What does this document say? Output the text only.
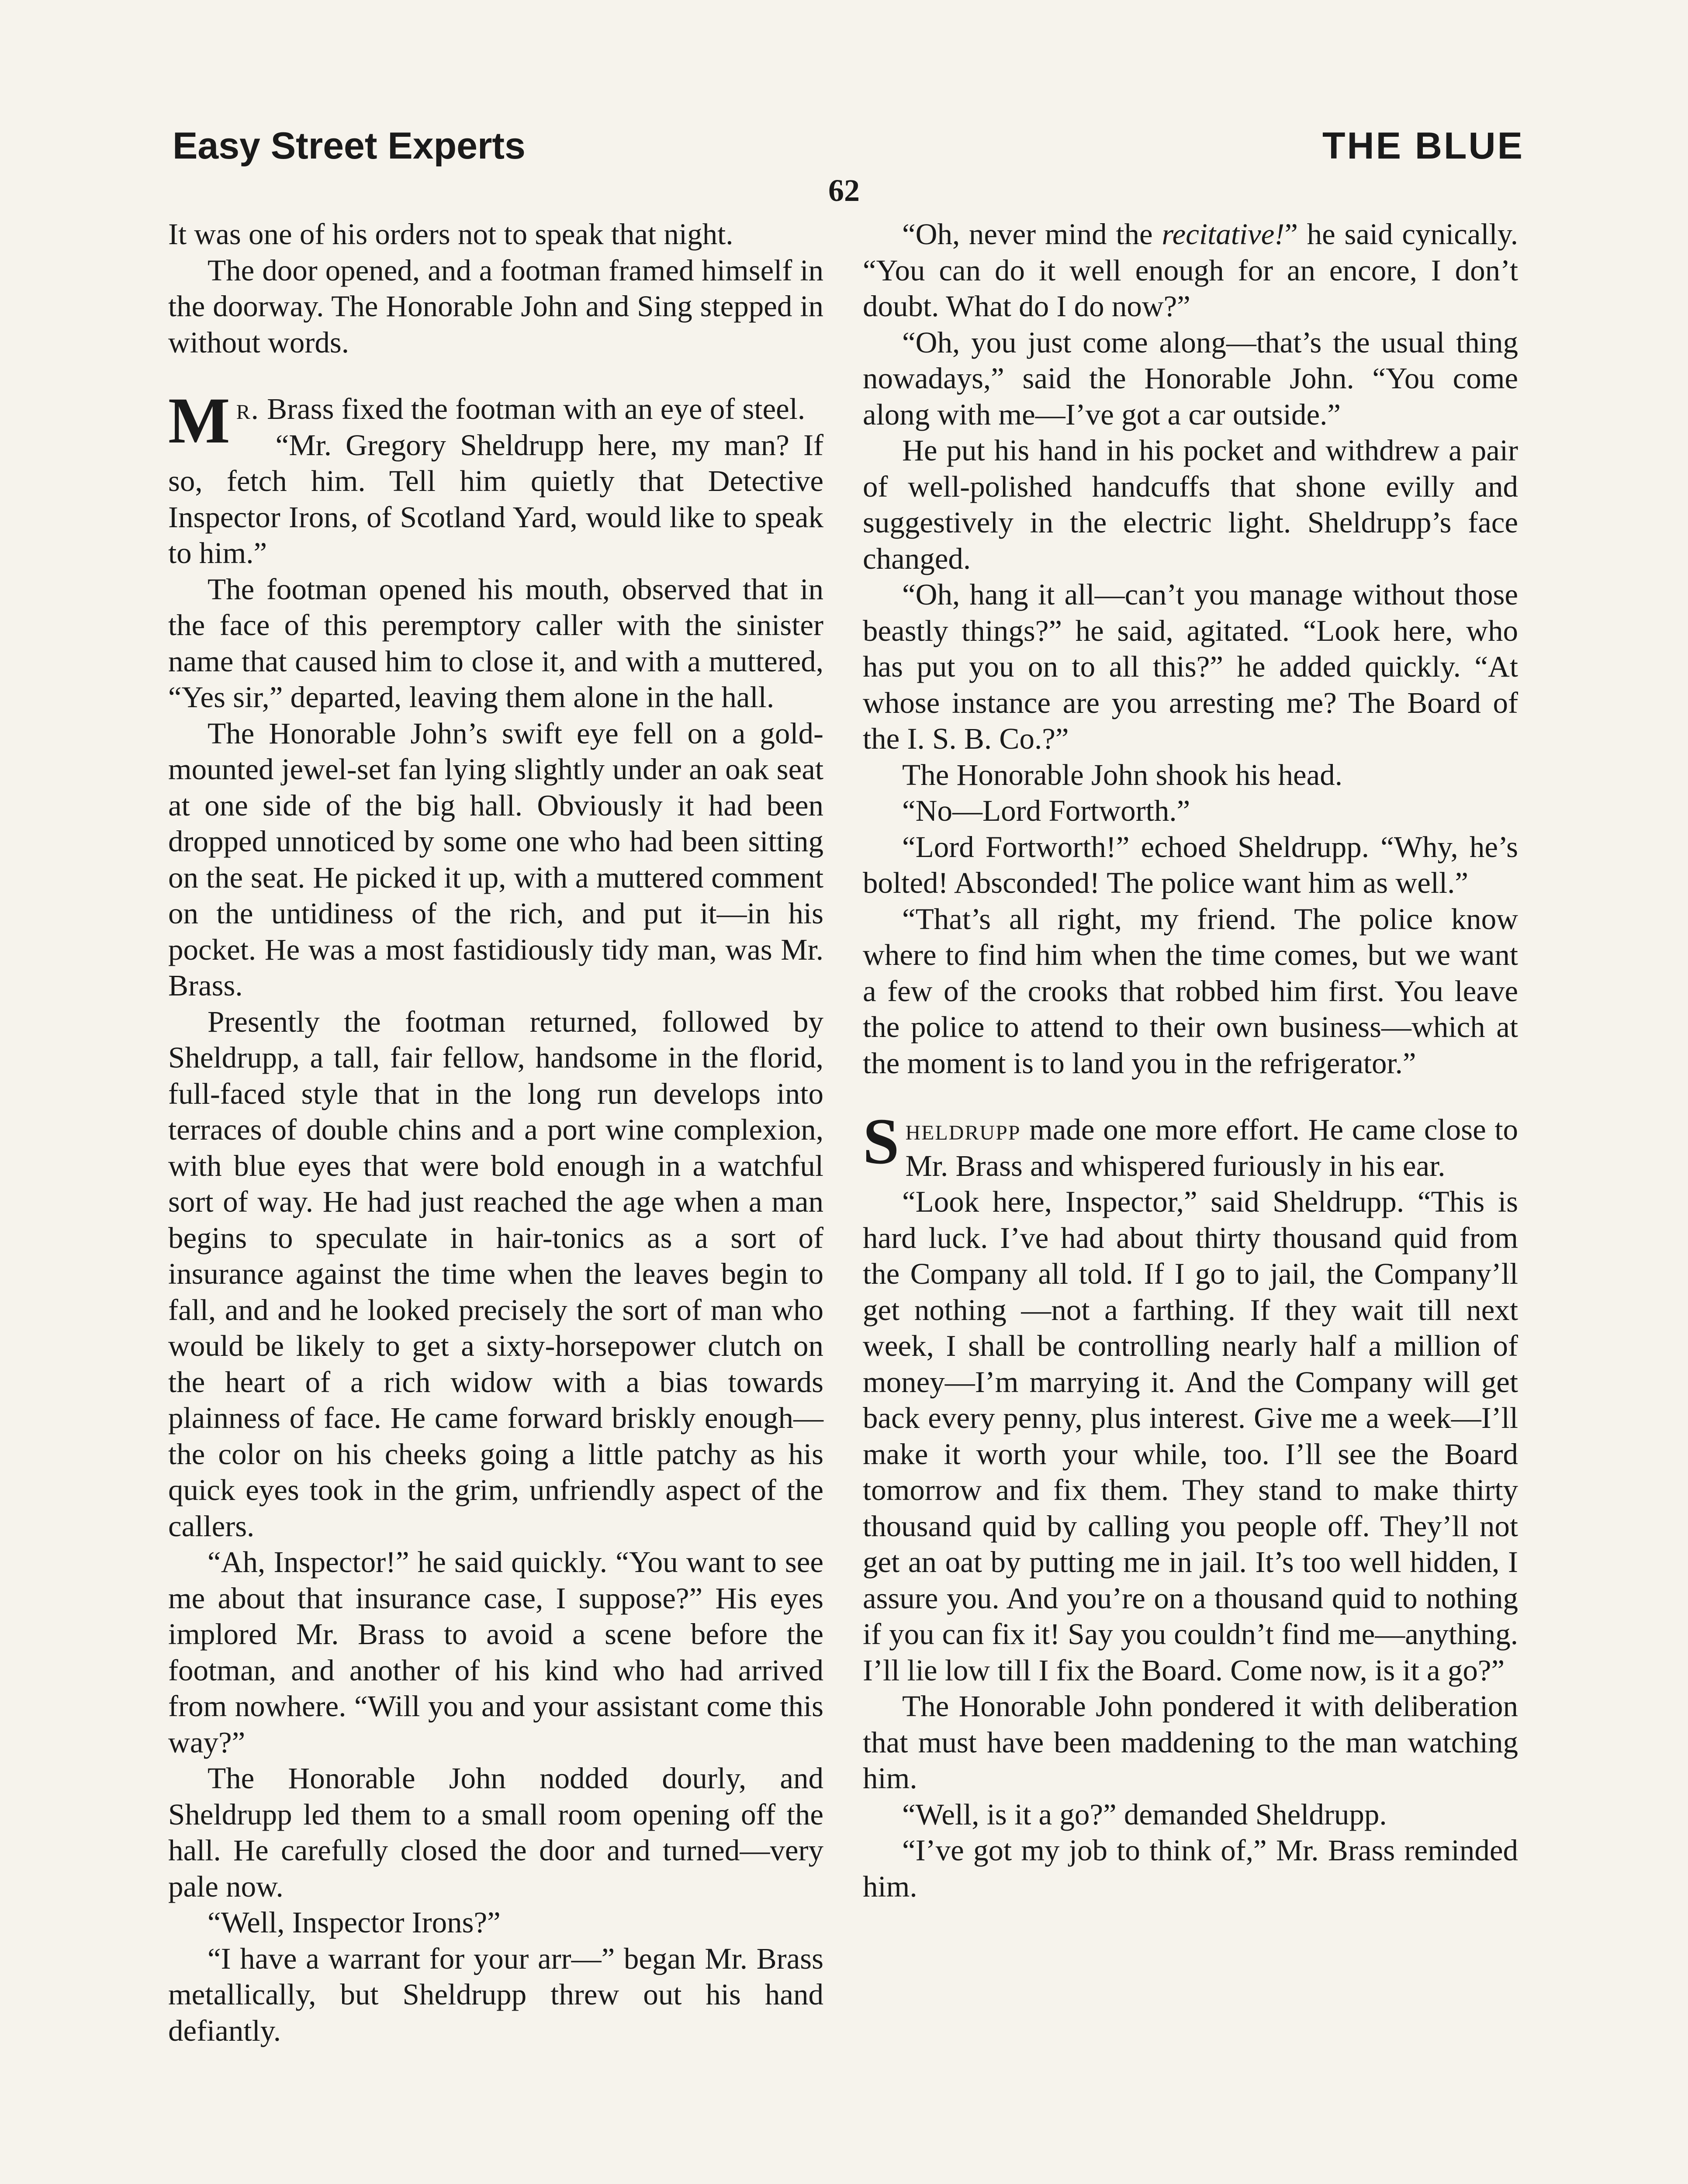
Easy Street Experts	THE BLUE
62

It was one of his orders not to speak that night.

The door opened, and a footman framed himself in the doorway. The Honorable John and Sing stepped in without words.

Mr. Brass fixed the footman with an eye of steel.

“Mr. Gregory Sheldrupp here, my man? If so, fetch him. Tell him quietly that Detective Inspector Irons, of Scotland Yard, would like to speak to him.”

The footman opened his mouth, observed that in the face of this peremptory caller with the sinister name that caused him to close it, and with a muttered, “Yes sir,” departed, leaving them alone in the hall.

The Honorable John’s swift eye fell on a gold-mounted jewel-set fan lying slightly under an oak seat at one side of the big hall. Obviously it had been dropped unnoticed by some one who had been sitting on the seat. He picked it up, with a muttered comment on the untidiness of the rich, and put it—in his pocket. He was a most fastidiously tidy man, was Mr. Brass.

Presently the footman returned, followed by Sheldrupp, a tall, fair fellow, handsome in the florid, full-faced style that in the long run develops into terraces of double chins and a port wine complexion, with blue eyes that were bold enough in a watchful sort of way. He had just reached the age when a man begins to speculate in hair-tonics as a sort of insurance against the time when the leaves begin to fall, and and he looked precisely the sort of man who would be likely to get a sixty-horsepower clutch on the heart of a rich widow with a bias towards plainness of face. He came forward briskly enough—the color on his cheeks going a little patchy as his quick eyes took in the grim, unfriendly aspect of the callers.

“Ah, Inspector!” he said quickly. “You want to see me about that insurance case, I suppose?” His eyes implored Mr. Brass to avoid a scene before the footman, and another of his kind who had arrived from nowhere. “Will you and your assistant come this way?”

The Honorable John nodded dourly, and Sheldrupp led them to a small room opening off the hall. He carefully closed the door and turned—very pale now.

“Well, Inspector Irons?”

“I have a warrant for your arr—” began Mr. Brass metallically, but Sheldrupp threw out his hand defiantly.

“Oh, never mind the recitative!” he said cynically. “You can do it well enough for an encore, I don’t doubt. What do I do now?”

“Oh, you just come along—that’s the usual thing nowadays,” said the Honorable John. “You come along with me—I’ve got a car outside.”

He put his hand in his pocket and withdrew a pair of well-polished handcuffs that shone evilly and suggestively in the electric light. Sheldrupp’s face changed.

“Oh, hang it all—can’t you manage without those beastly things?” he said, agitated. “Look here, who has put you on to all this?” he added quickly. “At whose instance are you arresting me? The Board of the I. S. B. Co.?”

The Honorable John shook his head.

“No—Lord Fortworth.”

“Lord Fortworth!” echoed Sheldrupp. “Why, he’s bolted! Absconded! The police want him as well.”

“That’s all right, my friend. The police know where to find him when the time comes, but we want a few of the crooks that robbed him first. You leave the police to attend to their own business—which at the moment is to land you in the refrigerator.”

Sheldrupp made one more effort. He came close to Mr. Brass and whispered furiously in his ear.

“Look here, Inspector,” said Sheldrupp. “This is hard luck. I’ve had about thirty thousand quid from the Company all told. If I go to jail, the Company’ll get nothing —not a farthing. If they wait till next week, I shall be controlling nearly half a million of money—I’m marrying it. And the Company will get back every penny, plus interest. Give me a week—I’ll make it worth your while, too. I’ll see the Board tomorrow and fix them. They stand to make thirty thousand quid by calling you people off. They’ll not get an oat by putting me in jail. It’s too well hidden, I assure you. And you’re on a thousand quid to nothing if you can fix it! Say you couldn’t find me—anything. I’ll lie low till I fix the Board. Come now, is it a go?”

The Honorable John pondered it with deliberation that must have been maddening to the man watching him.

“Well, is it a go?” demanded Sheldrupp.

“I’ve got my job to think of,” Mr. Brass reminded him.
